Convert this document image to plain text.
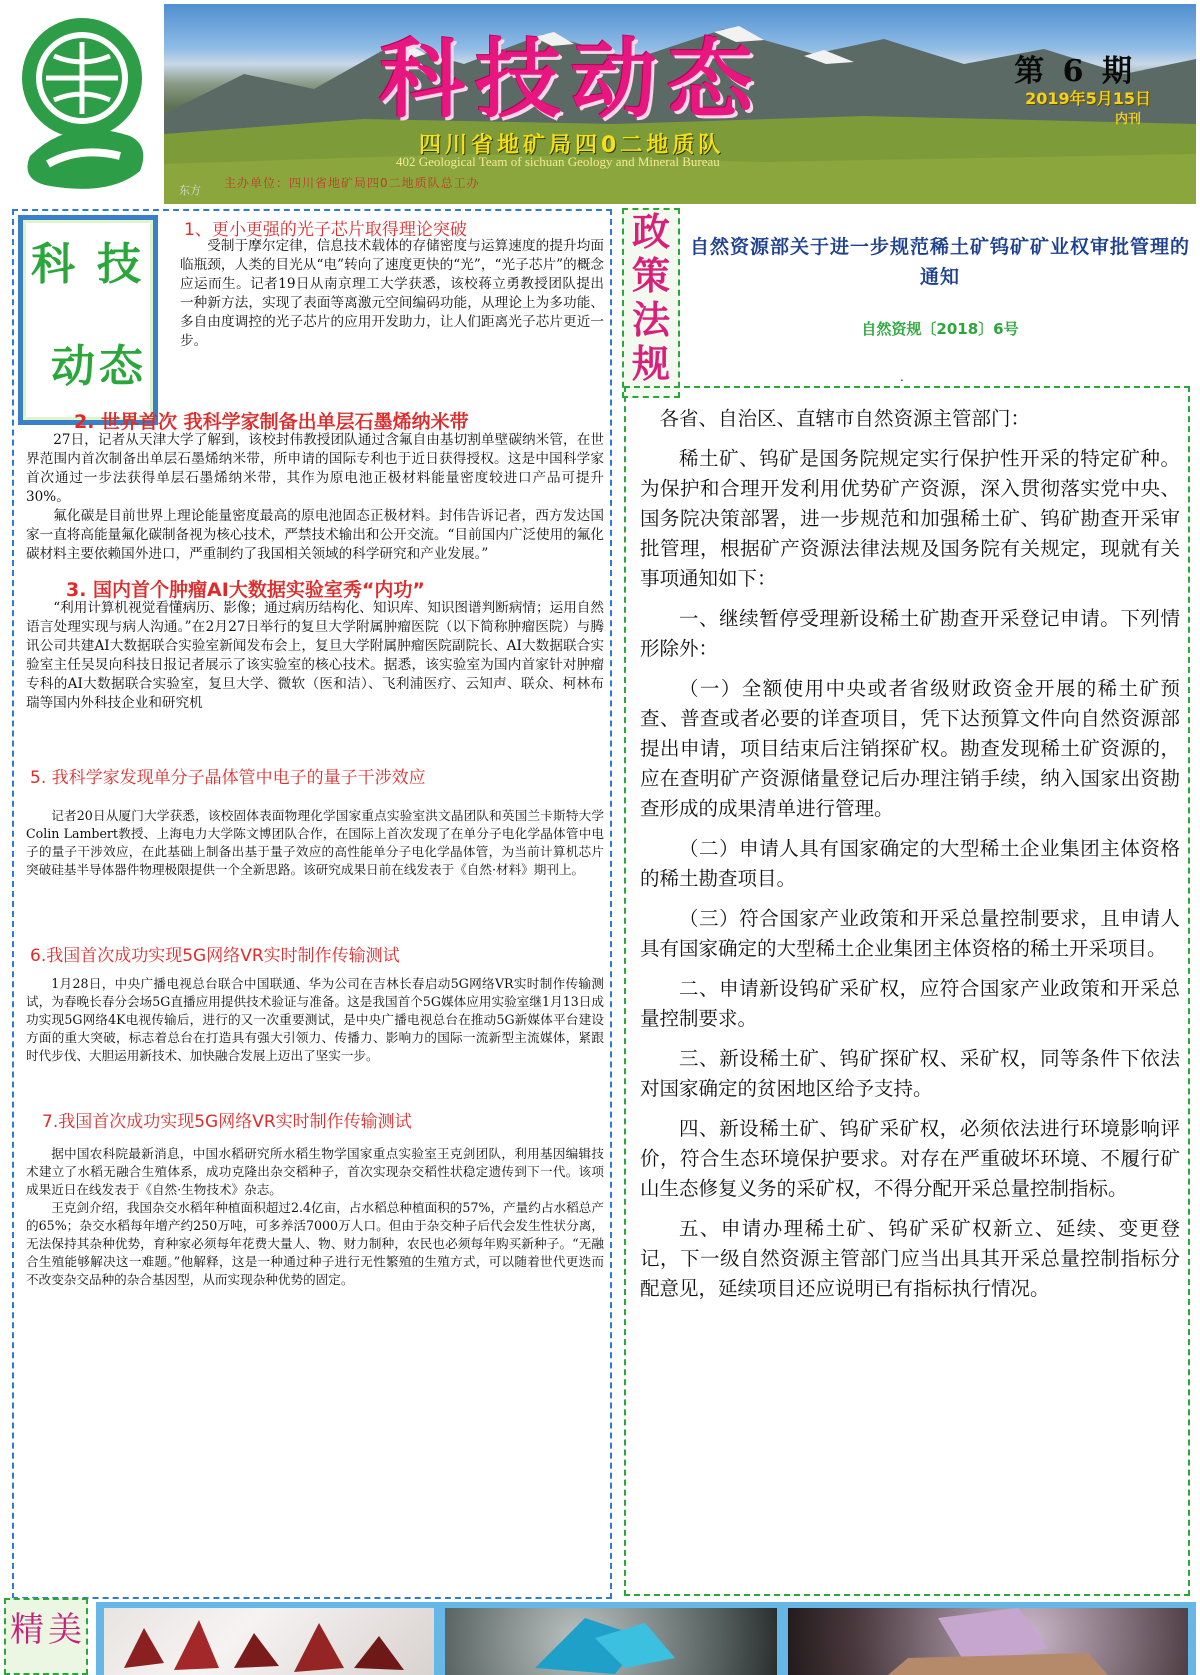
科技动态	第 6 期
2019年5月15日
内刊
四川省地矿局四0二地质队
402 Geological Team of sichuan Geology and Mineral Bureau
主办单位：四川省地矿局四0二地质队总工办
东方
科 技
动 态
1、更小更强的光子芯片取得理论突破

受制于摩尔定律，信息技术载体的存储密度与运算速度的提升均面临瓶颈，人类的目光从“电”转向了速度更快的“光”，“光子芯片”的概念应运而生。记者19日从南京理工大学获悉，该校蒋立勇教授团队提出一种新方法，实现了表面等离激元空间编码功能，从理论上为多功能、多自由度调控的光子芯片的应用开发助力，让人们距离光子芯片更近一步。

2. 世界首次 我科学家制备出单层石墨烯纳米带

27日，记者从天津大学了解到，该校封伟教授团队通过含氟自由基切割单壁碳纳米管，在世界范围内首次制备出单层石墨烯纳米带，所申请的国际专利也于近日获得授权。这是中国科学家首次通过一步法获得单层石墨烯纳米带，其作为原电池正极材料能量密度较进口产品可提升30%。

氟化碳是目前世界上理论能量密度最高的原电池固态正极材料。封伟告诉记者，西方发达国家一直将高能量氟化碳制备视为核心技术，严禁技术输出和公开交流。“目前国内广泛使用的氟化碳材料主要依赖国外进口，严重制约了我国相关领域的科学研究和产业发展。”

3. 国内首个肿瘤AI大数据实验室秀“内功”

“利用计算机视觉看懂病历、影像；通过病历结构化、知识库、知识图谱判断病情；运用自然语言处理实现与病人沟通。”在2月27日举行的复旦大学附属肿瘤医院（以下简称肿瘤医院）与腾讯公司共建AI大数据联合实验室新闻发布会上，复旦大学附属肿瘤医院副院长、AI大数据联合实验室主任吴炅向科技日报记者展示了该实验室的核心技术。据悉，该实验室为国内首家针对肿瘤专科的AI大数据联合实验室，复旦大学、微软（医和洁）、飞利浦医疗、云知声、联众、柯林布瑞等国内外科技企业和研究机

5. 我科学家发现单分子晶体管中电子的量子干涉效应

记者20日从厦门大学获悉，该校固体表面物理化学国家重点实验室洪文晶团队和英国兰卡斯特大学Colin Lambert教授、上海电力大学陈文博团队合作，在国际上首次发现了在单分子电化学晶体管中电子的量子干涉效应，在此基础上制备出基于量子效应的高性能单分子电化学晶体管，为当前计算机芯片突破硅基半导体器件物理极限提供一个全新思路。该研究成果日前在线发表于《自然·材料》期刊上。

6.我国首次成功实现5G网络VR实时制作传输测试

1月28日，中央广播电视总台联合中国联通、华为公司在吉林长春启动5G网络VR实时制作传输测试，为春晚长春分会场5G直播应用提供技术验证与准备。这是我国首个5G媒体应用实验室继1月13日成功实现5G网络4K电视传输后，进行的又一次重要测试，是中央广播电视总台在推动5G新媒体平台建设方面的重大突破，标志着总台在打造具有强大引领力、传播力、影响力的国际一流新型主流媒体，紧跟时代步伐、大胆运用新技术、加快融合发展上迈出了坚实一步。

7.我国首次成功实现5G网络VR实时制作传输测试

据中国农科院最新消息，中国水稻研究所水稻生物学国家重点实验室王克剑团队，利用基因编辑技术建立了水稻无融合生殖体系，成功克隆出杂交稻种子，首次实现杂交稻性状稳定遗传到下一代。该项成果近日在线发表于《自然·生物技术》杂志。

王克剑介绍，我国杂交水稻年种植面积超过2.4亿亩，占水稻总种植面积的57%，产量约占水稻总产的65%；杂交水稻每年增产约250万吨，可多养活7000万人口。但由于杂交种子后代会发生性状分离，无法保持其杂种优势，育种家必须每年花费大量人、物、财力制种，农民也必须每年购买新种子。“无融合生殖能够解决这一难题。”他解释，这是一种通过种子进行无性繁殖的生殖方式，可以随着世代更迭而不改变杂交品种的杂合基因型，从而实现杂种优势的固定。

政
策
法
规
自然资源部关于进一步规范稀土矿钨矿矿业权审批管理的通知
自然资规〔2018〕6号
.

各省、自治区、直辖市自然资源主管部门：

稀土矿、钨矿是国务院规定实行保护性开采的特定矿种。为保护和合理开发利用优势矿产资源，深入贯彻落实党中央、国务院决策部署，进一步规范和加强稀土矿、钨矿勘查开采审批管理，根据矿产资源法律法规及国务院有关规定，现就有关事项通知如下：

一、继续暂停受理新设稀土矿勘查开采登记申请。下列情形除外：

（一）全额使用中央或者省级财政资金开展的稀土矿预查、普查或者必要的详查项目，凭下达预算文件向自然资源部提出申请，项目结束后注销探矿权。勘查发现稀土矿资源的，应在查明矿产资源储量登记后办理注销手续，纳入国家出资勘查形成的成果清单进行管理。

（二）申请人具有国家确定的大型稀土企业集团主体资格的稀土勘查项目。

（三）符合国家产业政策和开采总量控制要求，且申请人具有国家确定的大型稀土企业集团主体资格的稀土开采项目。

二、申请新设钨矿采矿权，应符合国家产业政策和开采总量控制要求。

三、新设稀土矿、钨矿探矿权、采矿权，同等条件下依法对国家确定的贫困地区给予支持。

四、新设稀土矿、钨矿采矿权，必须依法进行环境影响评价，符合生态环境保护要求。对存在严重破坏环境、不履行矿山生态修复义务的采矿权，不得分配开采总量控制指标。

五、申请办理稀土矿、钨矿采矿权新立、延续、变更登记，下一级自然资源主管部门应当出具其开采总量控制指标分配意见，延续项目还应说明已有指标执行情况。

精 美
